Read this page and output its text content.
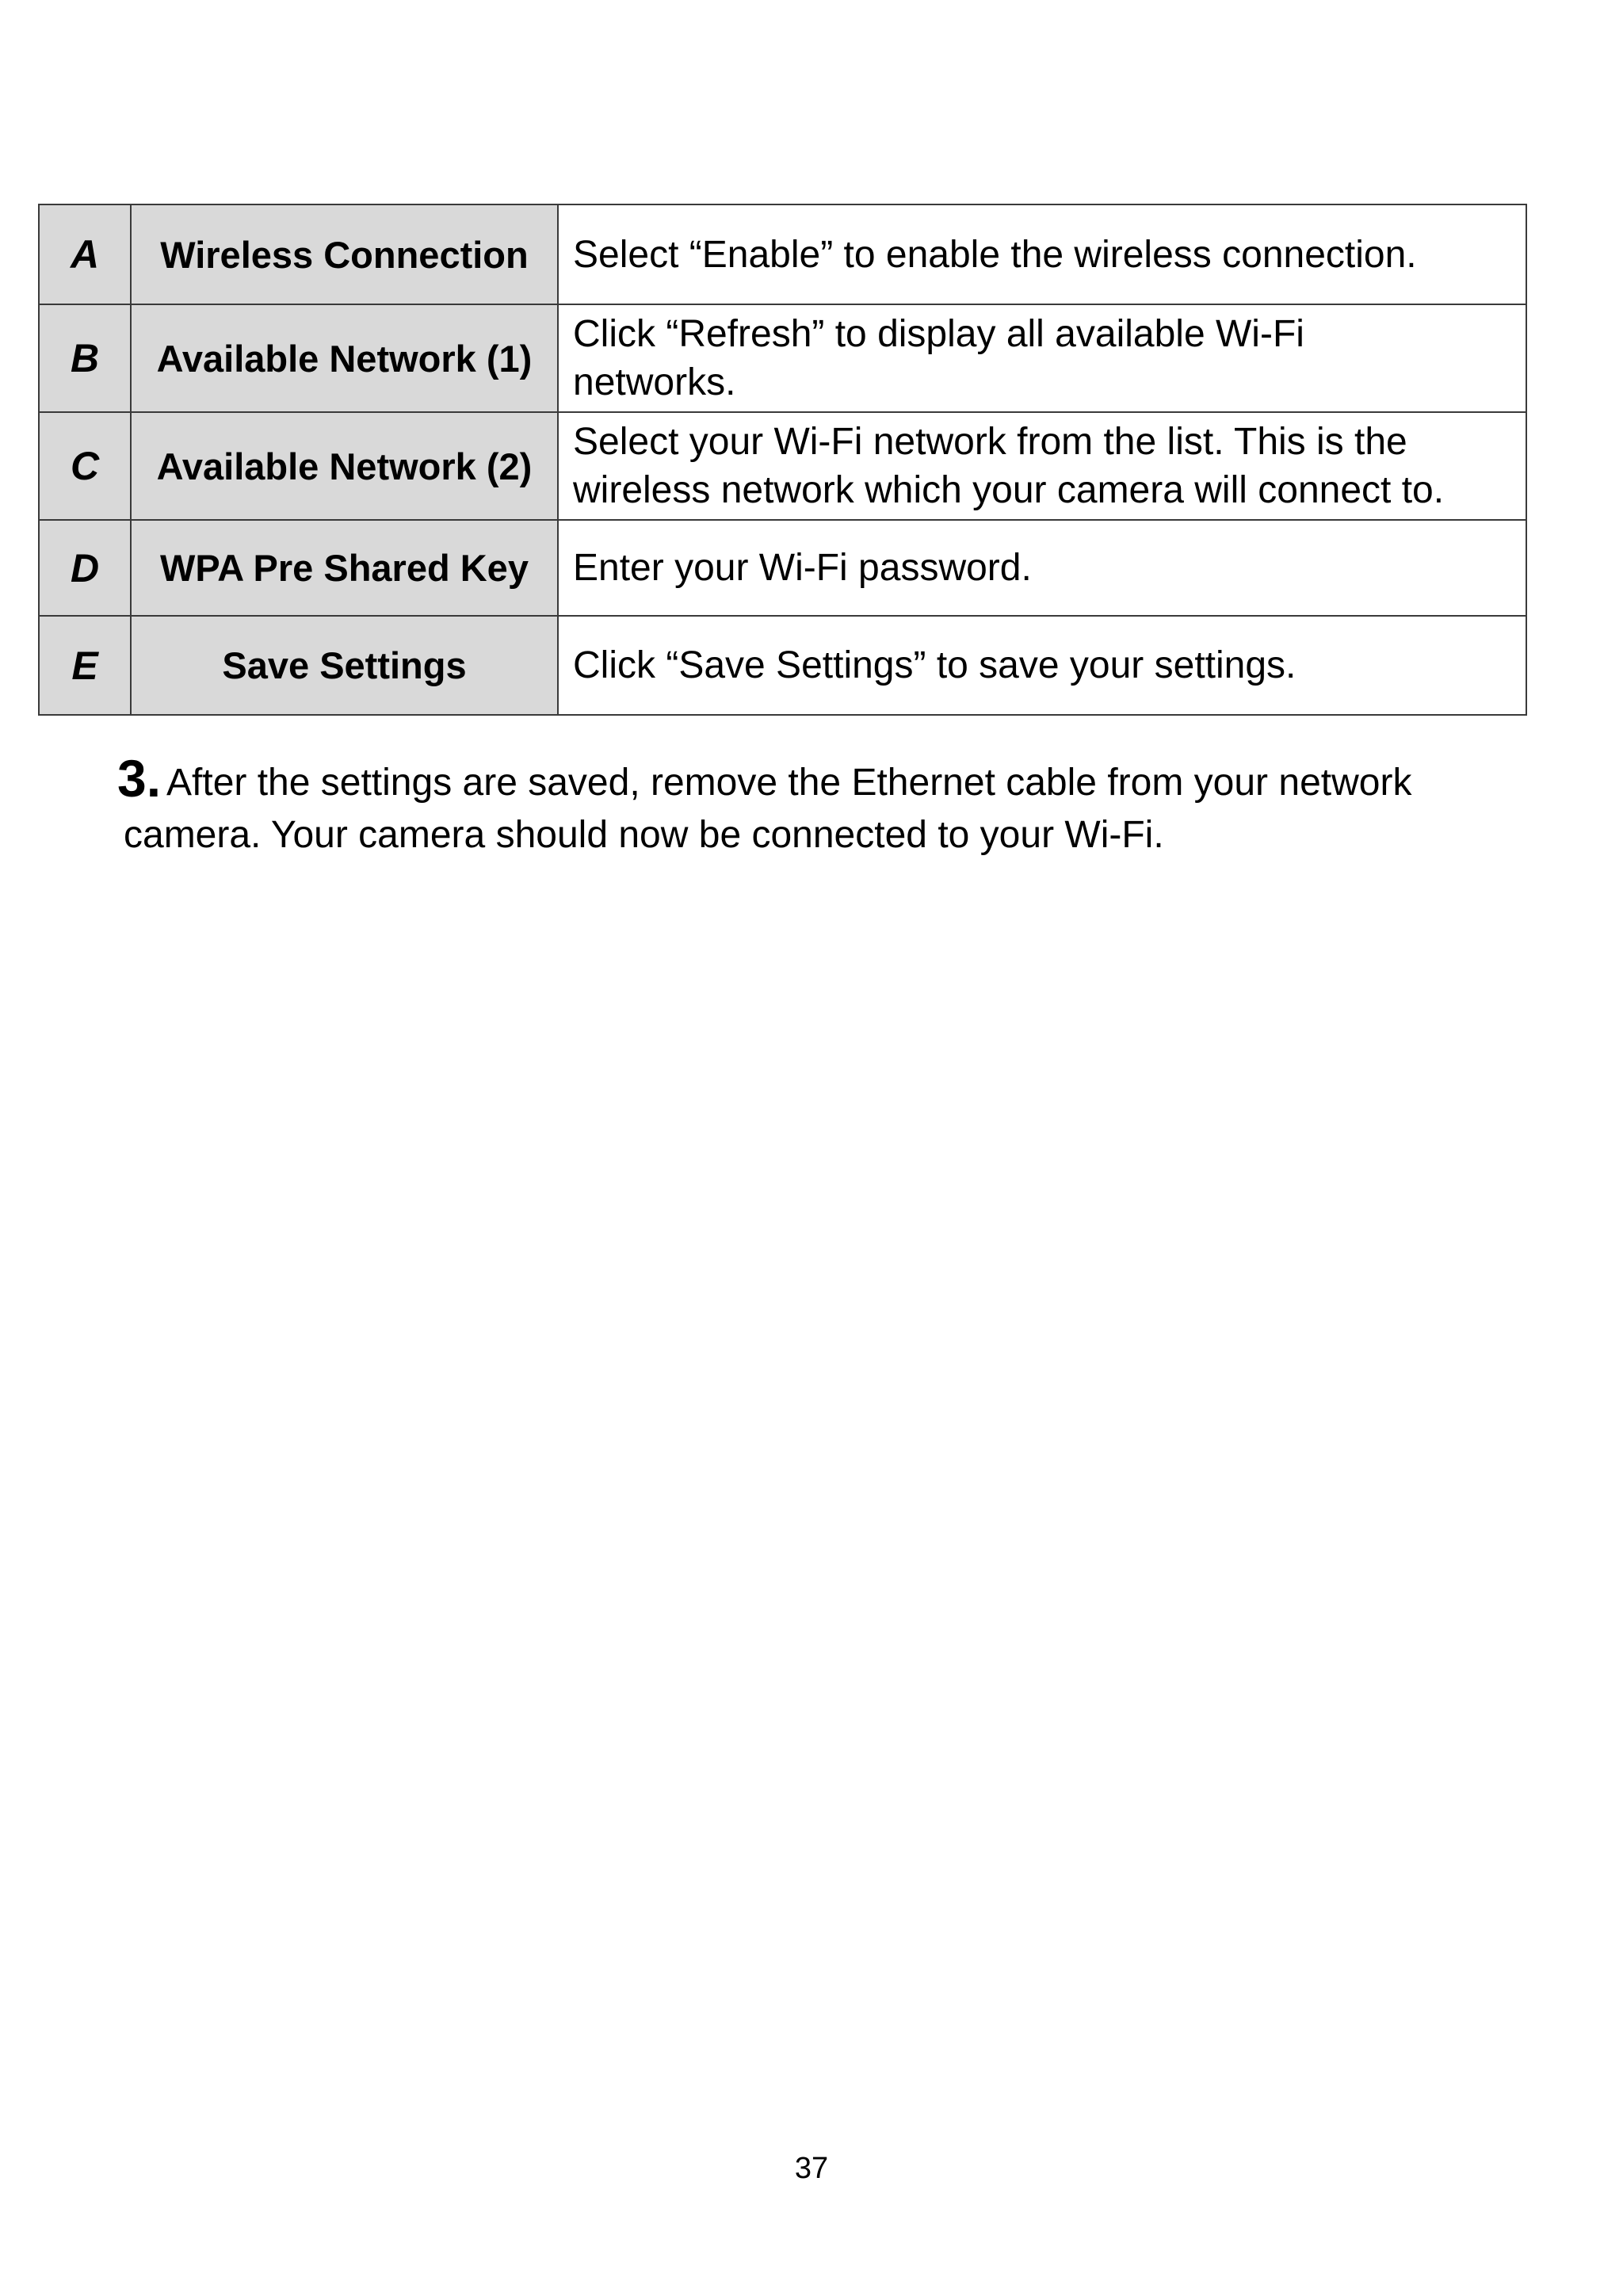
A	Wireless Connection	Select “Enable” to enable the wireless connection.
B	Available Network (1)	Click “Refresh” to display all available Wi-Fi networks.
C	Available Network (2)	Select your Wi-Fi network from the list. This is the wireless network which your camera will connect to.
D	WPA Pre Shared Key	Enter your Wi-Fi password.
E	Save Settings	Click “Save Settings” to save your settings.
3. After the settings are saved, remove the Ethernet cable from your network
camera. Your camera should now be connected to your Wi-Fi.
37
